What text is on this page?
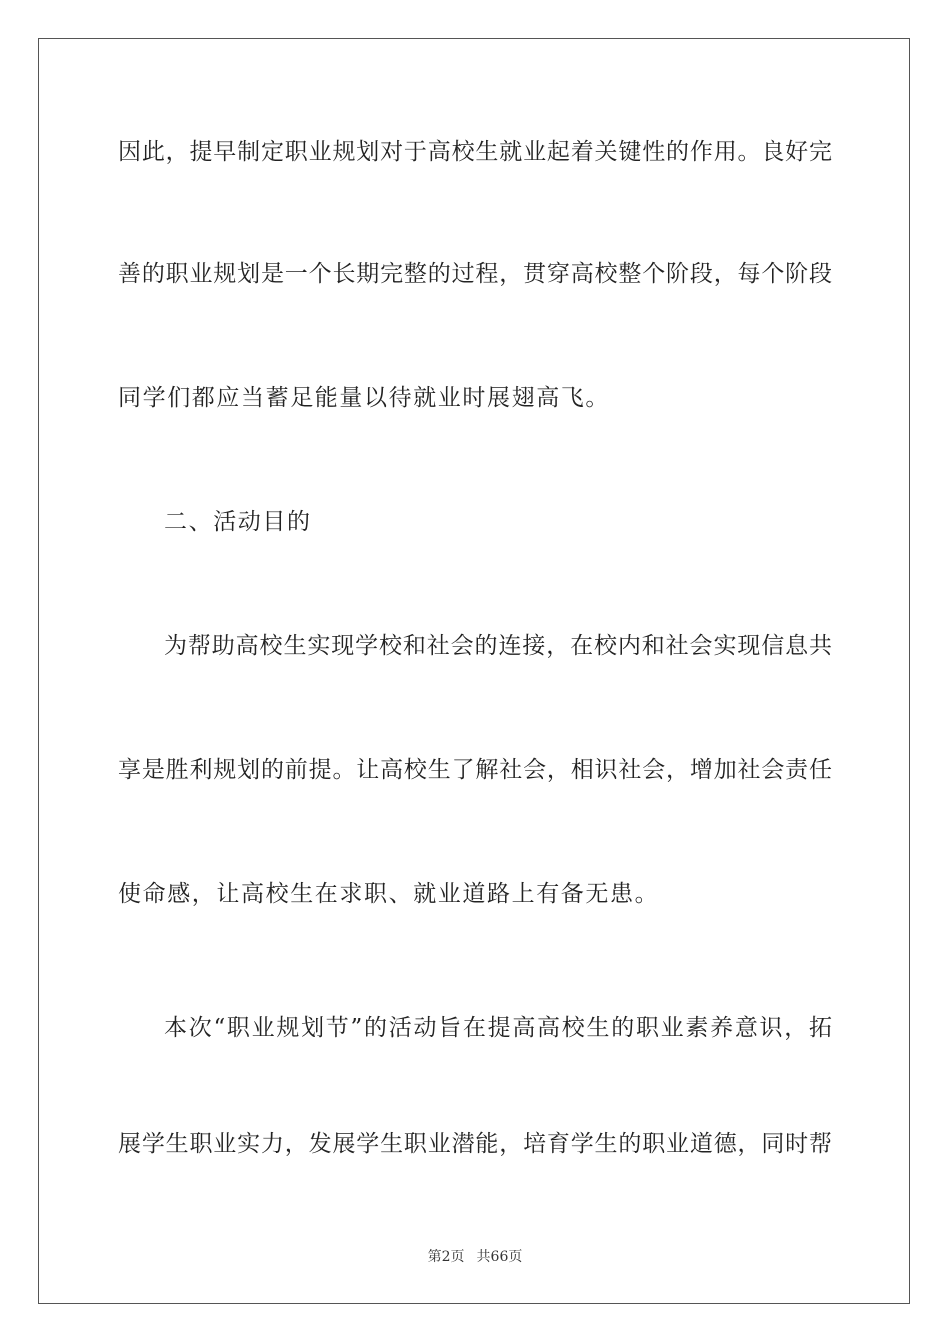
因此，提早制定职业规划对于高校生就业起着关键性的作用。良好完
善的职业规划是一个长期完整的过程，贯穿高校整个阶段，每个阶段
同学们都应当蓄足能量以待就业时展翅高飞。
二、活动目的
为帮助高校生实现学校和社会的连接，在校内和社会实现信息共
享是胜利规划的前提。让高校生了解社会，相识社会，增加社会责任
使命感，让高校生在求职、就业道路上有备无患。
本次“职业规划节”的活动旨在提高高校生的职业素养意识，拓
展学生职业实力，发展学生职业潜能，培育学生的职业道德，同时帮
第2页 共66页
